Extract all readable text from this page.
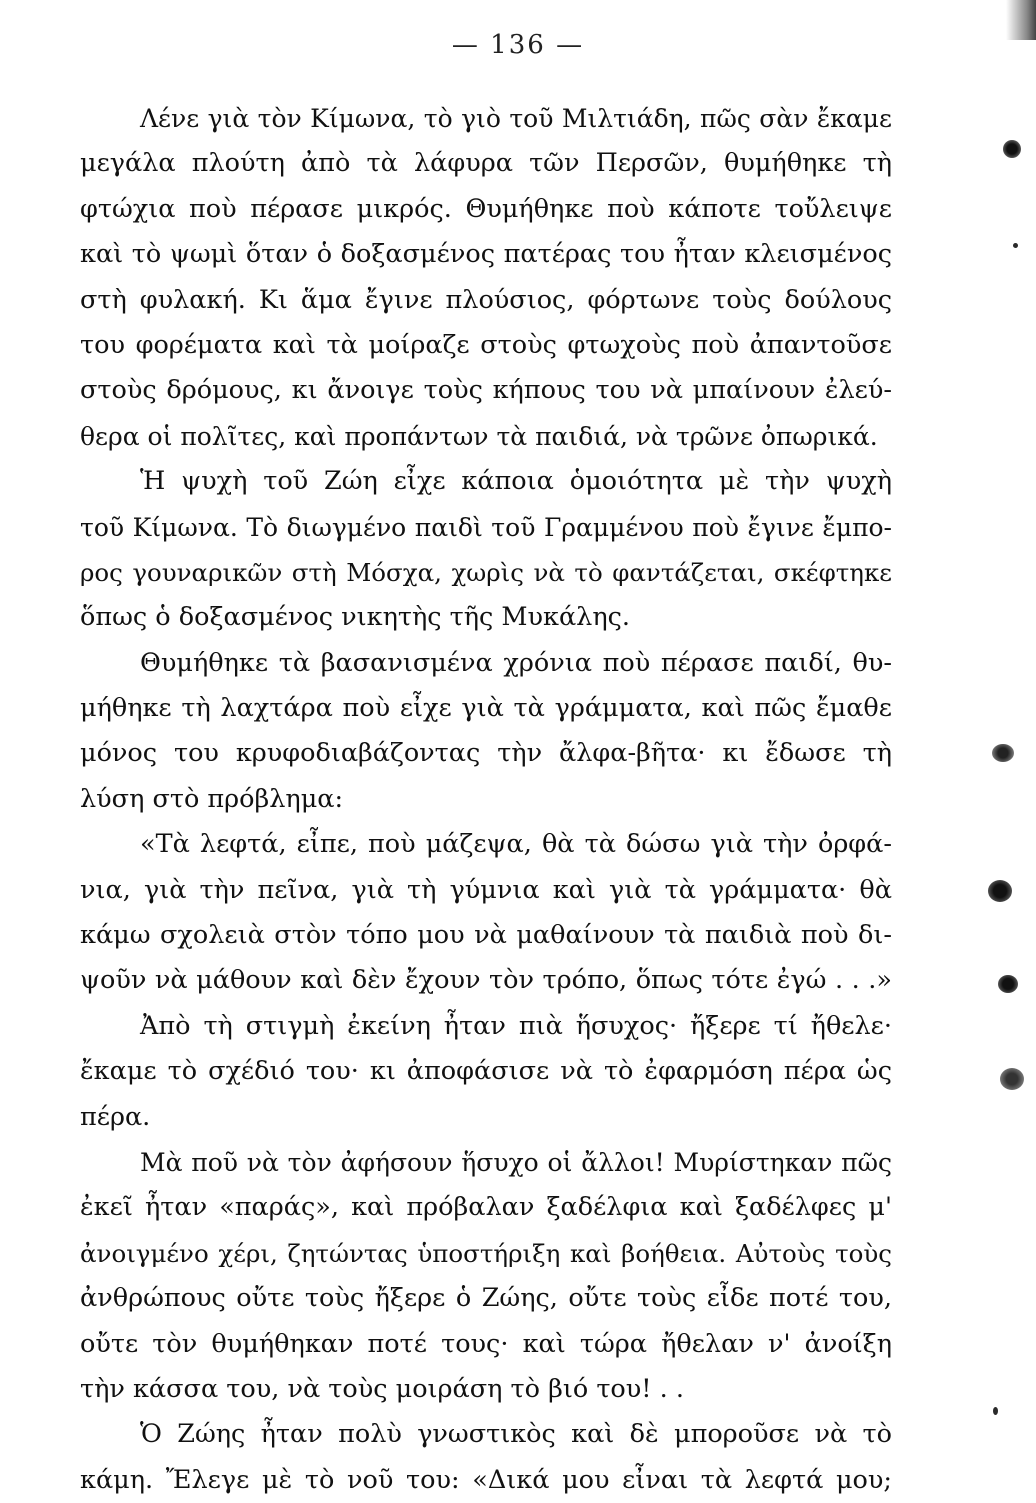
— 136 —
Λένε γιὰ τὸν Κίμωνα, τὸ γιὸ τοῦ Μιλτιάδη, πῶς σὰν ἔκαμε
μεγάλα πλούτη ἀπὸ τὰ λάφυρα τῶν Περσῶν, θυμήθηκε τὴ
φτώχια ποὺ πέρασε μικρός. Θυμήθηκε ποὺ κάποτε τοὔλειψε
καὶ τὸ ψωμὶ ὅταν ὁ δοξασμένος πατέρας του ἦταν κλεισμένος
στὴ φυλακή. Κι ἅμα ἔγινε πλούσιος, φόρτωνε τοὺς δούλους
του φορέματα καὶ τὰ μοίραζε στοὺς φτωχοὺς ποὺ ἀπαντοῦσε
στοὺς δρόμους, κι ἄνοιγε τοὺς κήπους του νὰ μπαίνουν ἐλεύ-
θερα οἱ πολῖτες, καὶ προπάντων τὰ παιδιά, νὰ τρῶνε ὀπωρικά.
Ἡ ψυχὴ τοῦ Ζώη εἶχε κάποια ὁμοιότητα μὲ τὴν ψυχὴ
τοῦ Κίμωνα. Τὸ διωγμένο παιδὶ τοῦ Γραμμένου ποὺ ἔγινε ἔμπο-
ρος γουναρικῶν στὴ Μόσχα, χωρὶς νὰ τὸ φαντάζεται, σκέφτηκε
ὅπως ὁ δοξασμένος νικητὴς τῆς Μυκάλης.
Θυμήθηκε τὰ βασανισμένα χρόνια ποὺ πέρασε παιδί, θυ-
μήθηκε τὴ λαχτάρα ποὺ εἶχε γιὰ τὰ γράμματα, καὶ πῶς ἔμαθε
μόνος του κρυφοδιαβάζοντας τὴν ἄλφα-βῆτα· κι ἔδωσε τὴ
λύση στὸ πρόβλημα:
«Τὰ λεφτά, εἶπε, ποὺ μάζεψα, θὰ τὰ δώσω γιὰ τὴν ὀρφά-
νια, γιὰ τὴν πεῖνα, γιὰ τὴ γύμνια καὶ γιὰ τὰ γράμματα· θὰ
κάμω σχολειὰ στὸν τόπο μου νὰ μαθαίνουν τὰ παιδιὰ ποὺ δι-
ψοῦν νὰ μάθουν καὶ δὲν ἔχουν τὸν τρόπο, ὅπως τότε ἐγώ . . .»
Ἀπὸ τὴ στιγμὴ ἐκείνη ἦταν πιὰ ἥσυχος· ἤξερε τί ἤθελε·
ἔκαμε τὸ σχέδιό του· κι ἀποφάσισε νὰ τὸ ἐφαρμόση πέρα ὡς
πέρα.
Μὰ ποῦ νὰ τὸν ἀφήσουν ἥσυχο οἱ ἄλλοι! Μυρίστηκαν πῶς
ἐκεῖ ἦταν «παράς», καὶ πρόβαλαν ξαδέλφια καὶ ξαδέλφες μ'
ἀνοιγμένο χέρι, ζητώντας ὑποστήριξη καὶ βοήθεια. Αὐτοὺς τοὺς
ἀνθρώπους οὔτε τοὺς ἤξερε ὁ Ζώης, οὔτε τοὺς εἶδε ποτέ του,
οὔτε τὸν θυμήθηκαν ποτέ τους· καὶ τώρα ἤθελαν ν' ἀνοίξη
τὴν κάσσα του, νὰ τοὺς μοιράση τὸ βιό του! . .
Ὁ Ζώης ἦταν πολὺ γνωστικὸς καὶ δὲ μποροῦσε νὰ τὸ
κάμη. Ἔλεγε μὲ τὸ νοῦ του: «Δικά μου εἶναι τὰ λεφτά μου;
